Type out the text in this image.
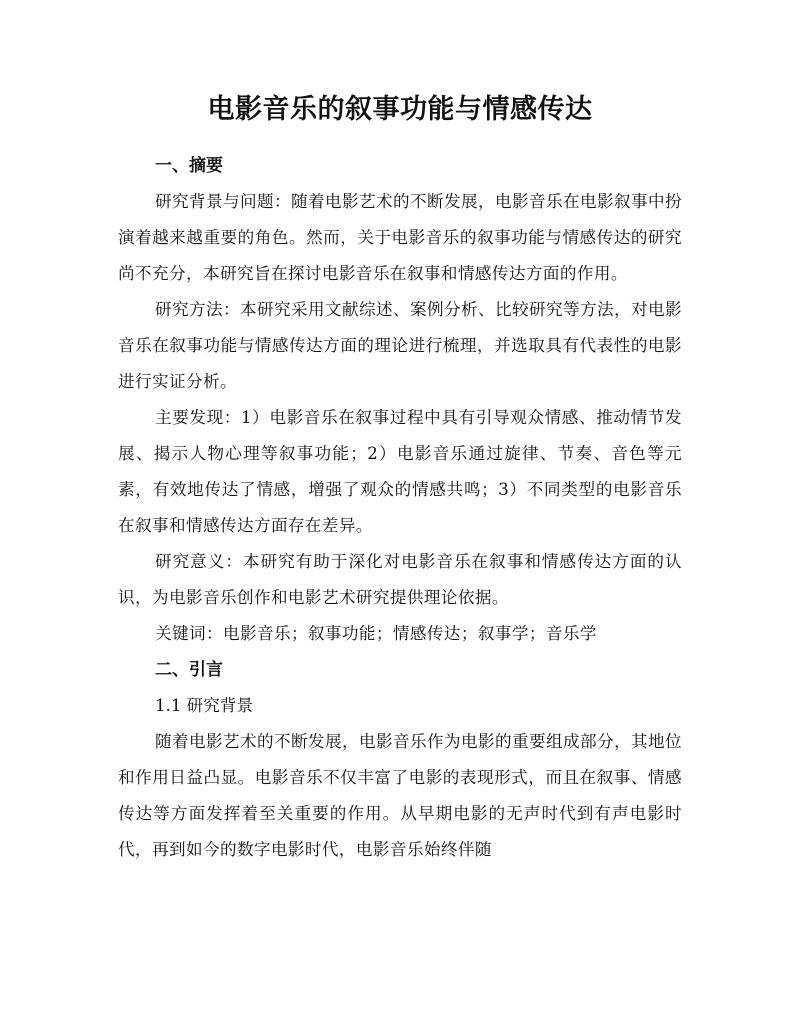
电影音乐的叙事功能与情感传达
一、摘要

研究背景与问题：随着电影艺术的不断发展，电影音乐在电影叙事中扮演着越来越重要的角色。然而，关于电影音乐的叙事功能与情感传达的研究尚不充分，本研究旨在探讨电影音乐在叙事和情感传达方面的作用。

研究方法：本研究采用文献综述、案例分析、比较研究等方法，对电影音乐在叙事功能与情感传达方面的理论进行梳理，并选取具有代表性的电影进行实证分析。

主要发现：1）电影音乐在叙事过程中具有引导观众情感、推动情节发展、揭示人物心理等叙事功能；2）电影音乐通过旋律、节奏、音色等元素，有效地传达了情感，增强了观众的情感共鸣；3）不同类型的电影音乐在叙事和情感传达方面存在差异。

研究意义：本研究有助于深化对电影音乐在叙事和情感传达方面的认识，为电影音乐创作和电影艺术研究提供理论依据。

关键词：电影音乐；叙事功能；情感传达；叙事学；音乐学

二、引言

1.1 研究背景

随着电影艺术的不断发展，电影音乐作为电影的重要组成部分，其地位和作用日益凸显。电影音乐不仅丰富了电影的表现形式，而且在叙事、情感传达等方面发挥着至关重要的作用。从早期电影的无声时代到有声电影时代，再到如今的数字电影时代，电影音乐始终伴随
